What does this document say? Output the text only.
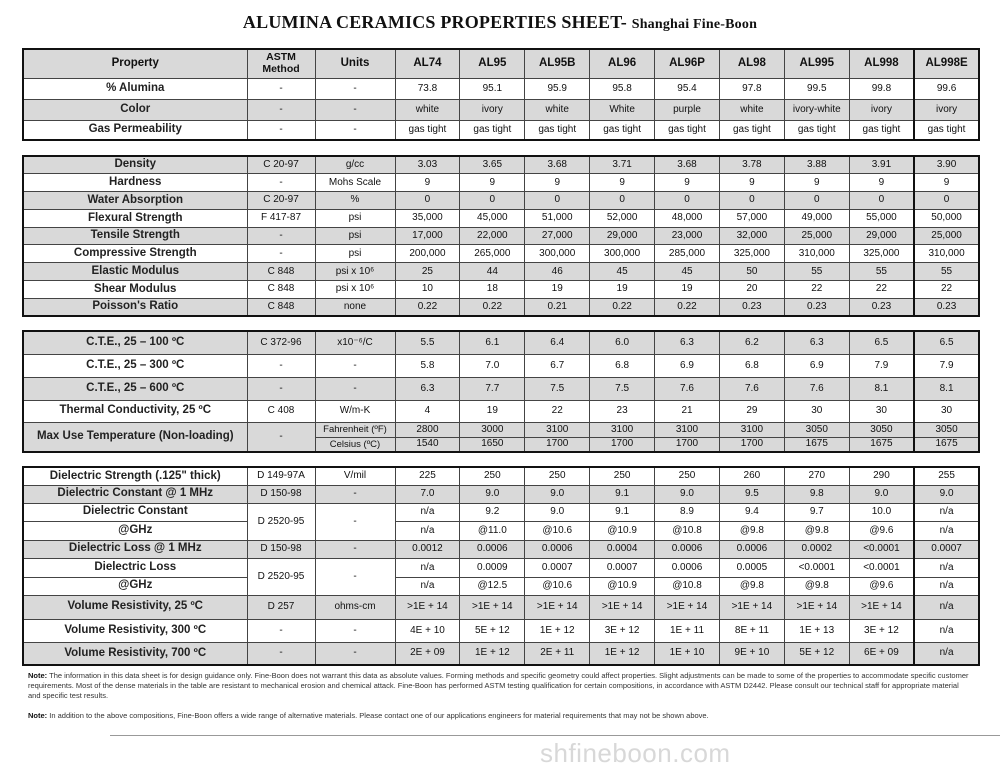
ALUMINA CERAMICS PROPERTIES SHEET- Shanghai Fine-Boon
Property	ASTM Method	Units	AL74	AL95	AL95B	AL96	AL96P	AL98	AL995	AL998	AL998E
% Alumina	-	-	73.8	95.1	95.9	95.8	95.4	97.8	99.5	99.8	99.6
Color	-	-	white	ivory	white	White	purple	white	ivory-white	ivory	ivory
Gas Permeability	-	-	gas tight	gas tight	gas tight	gas tight	gas tight	gas tight	gas tight	gas tight	gas tight
Density	C 20-97	g/cc	3.03	3.65	3.68	3.71	3.68	3.78	3.88	3.91	3.90
Hardness	-	Mohs Scale	9	9	9	9	9	9	9	9	9
Water Absorption	C 20-97	%	0	0	0	0	0	0	0	0	0
Flexural Strength	F 417-87	psi	35,000	45,000	51,000	52,000	48,000	57,000	49,000	55,000	50,000
Tensile Strength	-	psi	17,000	22,000	27,000	29,000	23,000	32,000	25,000	29,000	25,000
Compressive Strength	-	psi	200,000	265,000	300,000	300,000	285,000	325,000	310,000	325,000	310,000
Elastic Modulus	C 848	psi x 10⁶	25	44	46	45	45	50	55	55	55
Shear Modulus	C 848	psi x 10⁶	10	18	19	19	19	20	22	22	22
Poisson's Ratio	C 848	none	0.22	0.22	0.21	0.22	0.22	0.23	0.23	0.23	0.23
C.T.E., 25 – 100 ºC	C 372-96	x10⁻⁶/C	5.5	6.1	6.4	6.0	6.3	6.2	6.3	6.5	6.5
C.T.E., 25 – 300 ºC	-	-	5.8	7.0	6.7	6.8	6.9	6.8	6.9	7.9	7.9
C.T.E., 25 – 600 ºC	-	-	6.3	7.7	7.5	7.5	7.6	7.6	7.6	8.1	8.1
Thermal Conductivity, 25 ºC	C 408	W/m-K	4	19	22	23	21	29	30	30	30
Max Use Temperature (Non-loading)	-	Fahrenheit (ºF)	2800	3000	3100	3100	3100	3100	3050	3050	3050
		Celsius (ºC)	1540	1650	1700	1700	1700	1700	1675	1675	1675
Dielectric Strength (.125" thick)	D 149-97A	V/mil	225	250	250	250	250	260	270	290	255
Dielectric Constant @ 1 MHz	D 150-98	-	7.0	9.0	9.0	9.1	9.0	9.5	9.8	9.0	9.0
Dielectric Constant	D 2520-95	-	n/a	9.2	9.0	9.1	8.9	9.4	9.7	10.0	n/a
@GHz			n/a	@11.0	@10.6	@10.9	@10.8	@9.8	@9.8	@9.6	n/a
Dielectric Loss @ 1 MHz	D 150-98	-	0.0012	0.0006	0.0006	0.0004	0.0006	0.0006	0.0002	<0.0001	0.0007
Dielectric Loss	D 2520-95	-	n/a	0.0009	0.0007	0.0007	0.0006	0.0005	<0.0001	<0.0001	n/a
@GHz			n/a	@12.5	@10.6	@10.9	@10.8	@9.8	@9.8	@9.6	n/a
Volume Resistivity, 25 ºC	D 257	ohms-cm	>1E + 14	>1E + 14	>1E + 14	>1E + 14	>1E + 14	>1E + 14	>1E + 14	>1E + 14	n/a
Volume Resistivity, 300 ºC	-	-	4E + 10	5E + 12	1E + 12	3E + 12	1E + 11	8E + 11	1E + 13	3E + 12	n/a
Volume Resistivity, 700 ºC	-	-	2E + 09	1E + 12	2E + 11	1E + 12	1E + 10	9E + 10	5E + 12	6E + 09	n/a
Note: The information in this data sheet is for design guidance only. Fine-Boon does not warrant this data as absolute values. Forming methods and specific geometry could affect properties. Slight adjustments can be made to some of the properties to accommodate specific customer requirements. Most of the dense materials in the table are resistant to mechanical erosion and chemical attack. Fine-Boon has performed ASTM testing qualification for certain compositions, in accordance with ASTM D2442. Please consult our technical staff for appropriate material and specific test results.
Note: In addition to the above compositions, Fine-Boon offers a wide range of alternative materials. Please contact one of our applications engineers for material requirements that may not be shown above.
shfineboon.com
